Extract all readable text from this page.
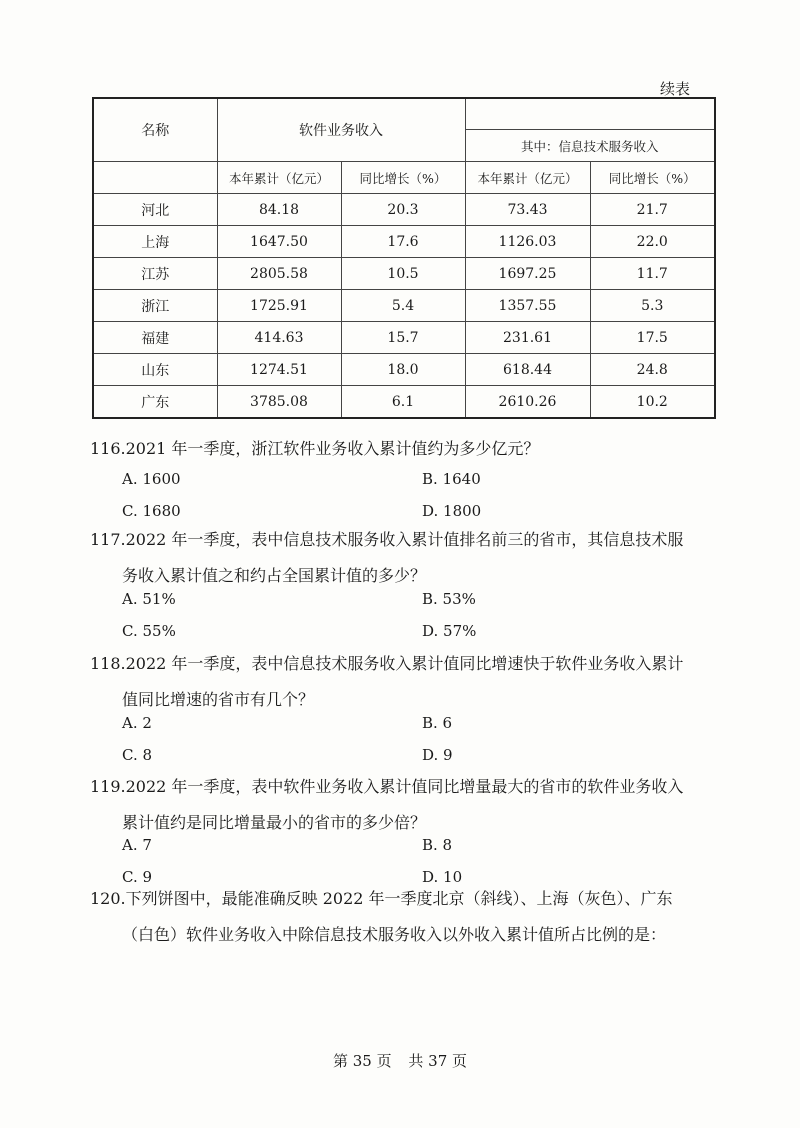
续表
名称	软件业务收入			
			其中：信息技术服务收入	
	本年累计（亿元）	同比增长（%）	本年累计（亿元）	同比增长（%）
河北	84.18	20.3	73.43	21.7
上海	1647.50	17.6	1126.03	22.0
江苏	2805.58	10.5	1697.25	11.7
浙江	1725.91	5.4	1357.55	5.3
福建	414.63	15.7	231.61	17.5
山东	1274.51	18.0	618.44	24.8
广东	3785.08	6.1	2610.26	10.2
116.2021 年一季度，浙江软件业务收入累计值约为多少亿元？
A. 1600	B. 1640
C. 1680	D. 1800
117.2022 年一季度，表中信息技术服务收入累计值排名前三的省市，其信息技术服
务收入累计值之和约占全国累计值的多少？
A. 51%	B. 53%
C. 55%	D. 57%
118.2022 年一季度，表中信息技术服务收入累计值同比增速快于软件业务收入累计
值同比增速的省市有几个？
A. 2	B. 6
C. 8	D. 9
119.2022 年一季度，表中软件业务收入累计值同比增量最大的省市的软件业务收入
累计值约是同比增量最小的省市的多少倍？
A. 7	B. 8
C. 9	D. 10
120.下列饼图中，最能准确反映 2022 年一季度北京（斜线）、上海（灰色）、广东
（白色）软件业务收入中除信息技术服务收入以外收入累计值所占比例的是：
第 35 页 共 37 页
